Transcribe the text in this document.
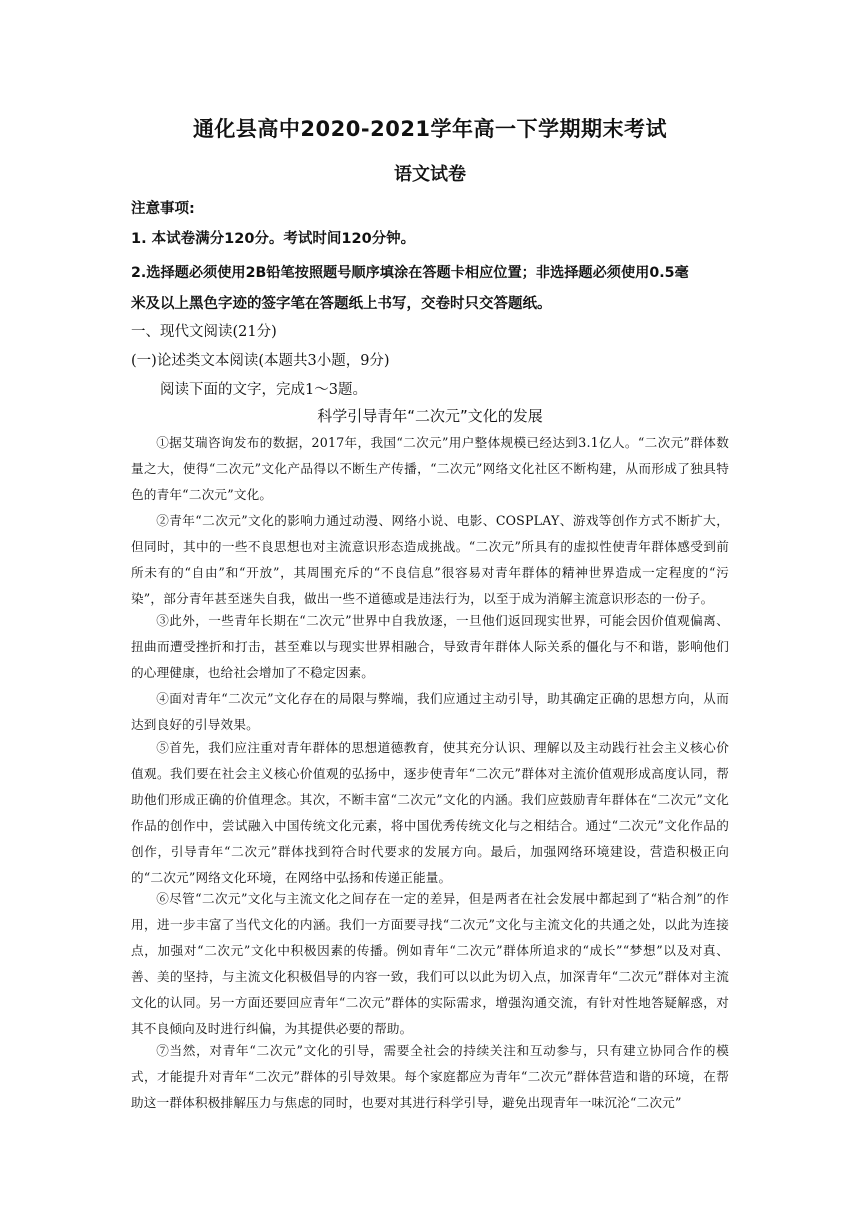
通化县高中2020-2021学年高一下学期期末考试
语文试卷
注意事项:
1. 本试卷满分120分。考试时间120分钟。
2.选择题必须使用2B铅笔按照题号顺序填涂在答题卡相应位置；非选择题必须使用0.5毫
米及以上黑色字迹的签字笔在答题纸上书写，交卷时只交答题纸。
一、现代文阅读(21分)
(一)论述类文本阅读(本题共3小题，9分)
阅读下面的文字，完成1～3题。
科学引导青年“二次元”文化的发展
①据艾瑞咨询发布的数据，2017年，我国“二次元”用户整体规模已经达到3.1亿人。“二次元”群体数量之大，使得“二次元”文化产品得以不断生产传播，“二次元”网络文化社区不断构建，从而形成了独具特色的青年“二次元”文化。
②青年“二次元”文化的影响力通过动漫、网络小说、电影、COSPLAY、游戏等创作方式不断扩大，但同时，其中的一些不良思想也对主流意识形态造成挑战。“二次元”所具有的虚拟性使青年群体感受到前所未有的“自由”和“开放”，其周围充斥的“不良信息”很容易对青年群体的精神世界造成一定程度的“污染”，部分青年甚至迷失自我，做出一些不道德或是违法行为，以至于成为消解主流意识形态的一份子。
③此外，一些青年长期在“二次元”世界中自我放逐，一旦他们返回现实世界，可能会因价值观偏离、扭曲而遭受挫折和打击，甚至难以与现实世界相融合，导致青年群体人际关系的僵化与不和谐，影响他们的心理健康，也给社会增加了不稳定因素。
④面对青年“二次元”文化存在的局限与弊端，我们应通过主动引导，助其确定正确的思想方向，从而达到良好的引导效果。
⑤首先，我们应注重对青年群体的思想道德教育，使其充分认识、理解以及主动践行社会主义核心价值观。我们要在社会主义核心价值观的弘扬中，逐步使青年“二次元”群体对主流价值观形成高度认同，帮助他们形成正确的价值理念。其次，不断丰富“二次元”文化的内涵。我们应鼓励青年群体在“二次元”文化作品的创作中，尝试融入中国传统文化元素，将中国优秀传统文化与之相结合。通过“二次元”文化作品的创作，引导青年“二次元”群体找到符合时代要求的发展方向。最后，加强网络环境建设，营造积极正向的“二次元”网络文化环境，在网络中弘扬和传递正能量。
⑥尽管“二次元”文化与主流文化之间存在一定的差异，但是两者在社会发展中都起到了“粘合剂”的作用，进一步丰富了当代文化的内涵。我们一方面要寻找“二次元”文化与主流文化的共通之处，以此为连接点，加强对“二次元”文化中积极因素的传播。例如青年“二次元”群体所追求的“成长”“梦想”以及对真、善、美的坚持，与主流文化积极倡导的内容一致，我们可以以此为切入点，加深青年“二次元”群体对主流文化的认同。另一方面还要回应青年“二次元”群体的实际需求，增强沟通交流，有针对性地答疑解惑，对其不良倾向及时进行纠偏，为其提供必要的帮助。
⑦当然，对青年“二次元”文化的引导，需要全社会的持续关注和互动参与，只有建立协同合作的模式，才能提升对青年“二次元”群体的引导效果。每个家庭都应为青年“二次元”群体营造和谐的环境，在帮助这一群体积极排解压力与焦虑的同时，也要对其进行科学引导，避免出现青年一味沉沦“二次元”
